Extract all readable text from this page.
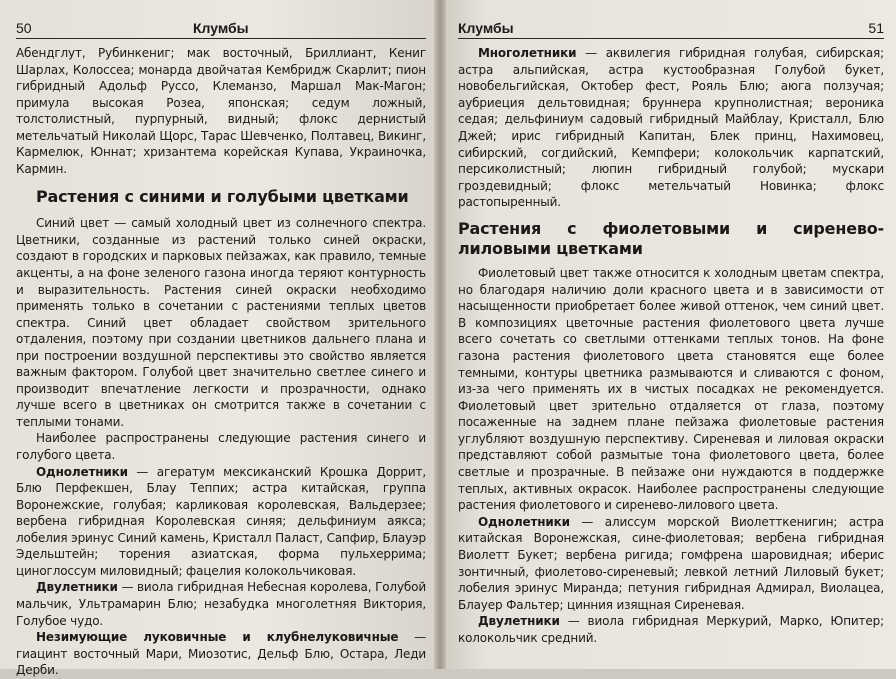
50	Клумбы

Абендглут, Рубинкениг; мак восточный, Бриллиант, Кениг Шарлах, Колоссеа; монарда двойчатая Кембридж Скарлит; пион гибридный Адольф Руссо, Клеманзо, Маршал Мак-Магон; примула высокая Розеа, японская; седум ложный, толстолистный, пурпурный, видный; флокс дернистый метельчатый Николай Щорс, Тарас Шевченко, Полтавец, Викинг, Кармелюк, Юннат; хризантема корейская Купава, Украиночка, Кармин.

Растения с синими и голубыми цветками

Синий цвет — самый холодный цвет из солнечного спектра. Цветники, созданные из растений только синей окраски, создают в городских и парковых пейзажах, как правило, темные акценты, а на фоне зеленого газона иногда теряют контурность и выразительность. Растения синей окраски необходимо применять только в сочетании с растениями теплых цветов спектра. Синий цвет обладает свойством зрительного отдаления, поэтому при создании цветников дальнего плана и при построении воздушной перспективы это свойство является важным фактором. Голубой цвет значительно светлее синего и производит впечатление легкости и прозрачности, однако лучше всего в цветниках он смотрится также в сочетании с теплыми тонами.

Наиболее распространены следующие растения синего и голубого цвета.

Однолетники — агератум мексиканский Крошка Доррит, Блю Перфекшен, Блау Теппих; астра китайская, группа Воронежские, голубая; карликовая королевская, Вальдерзее; вербена гибридная Королевская синяя; дельфиниум аякса; лобелия эринус Синий камень, Кристалл Паласт, Сапфир, Блауэр Эдельштейн; торения азиатская, форма пульхеррима; циноглоссум миловидный; фацелия колокольчиковая.

Двулетники — виола гибридная Небесная королева, Голубой мальчик, Ультрамарин Блю; незабудка многолетняя Виктория, Голубое чудо.

Незимующие луковичные и клубнелуковичные — гиацинт восточный Мари, Миозотис, Дельф Блю, Остара, Леди Дерби.

Клумбы	51

Многолетники — аквилегия гибридная голубая, сибирская; астра альпийская, астра кустообразная Голубой букет, новобельгийская, Октобер фест, Рояль Блю; аюга ползучая; аубриеция дельтовидная; бруннера крупнолистная; вероника седая; дельфиниум садовый гибридный Майблау, Кристалл, Блю Джей; ирис гибридный Капитан, Блек принц, Нахимовец, сибирский, согдийский, Кемпфери; колокольчик карпатский, персиколистный; люпин гибридный голубой; мускари гроздевидный; флокс метельчатый Новинка; флокс растопыренный.

Растения с фиолетовыми и сиренево-лиловыми цветками

Фиолетовый цвет также относится к холодным цветам спектра, но благодаря наличию доли красного цвета и в зависимости от насыщенности приобретает более живой оттенок, чем синий цвет. В композициях цветочные растения фиолетового цвета лучше всего сочетать со светлыми оттенками теплых тонов. На фоне газона растения фиолетового цвета становятся еще более темными, контуры цветника размываются и сливаются с фоном, из-за чего применять их в чистых посадках не рекомендуется. Фиолетовый цвет зрительно отдаляется от глаза, поэтому посаженные на заднем плане пейзажа фиолетовые растения углубляют воздушную перспективу. Сиреневая и лиловая окраски представляют собой размытые тона фиолетового цвета, более светлые и прозрачные. В пейзаже они нуждаются в поддержке теплых, активных окрасок. Наиболее распространены следующие растения фиолетового и сиренево-лилового цвета.

Однолетники — алиссум морской Виолетткенигин; астра китайская Воронежская, сине-фиолетовая; вербена гибридная Виолетт Букет; вербена ригида; гомфрена шаровидная; иберис зонтичный, фиолетово-сиреневый; левкой летний Лиловый букет; лобелия эринус Миранда; петуния гибридная Адмирал, Виолацеа, Блауер Фальтер; цинния изящная Сиреневая.

Двулетники — виола гибридная Меркурий, Марко, Юпитер; колокольчик средний.
